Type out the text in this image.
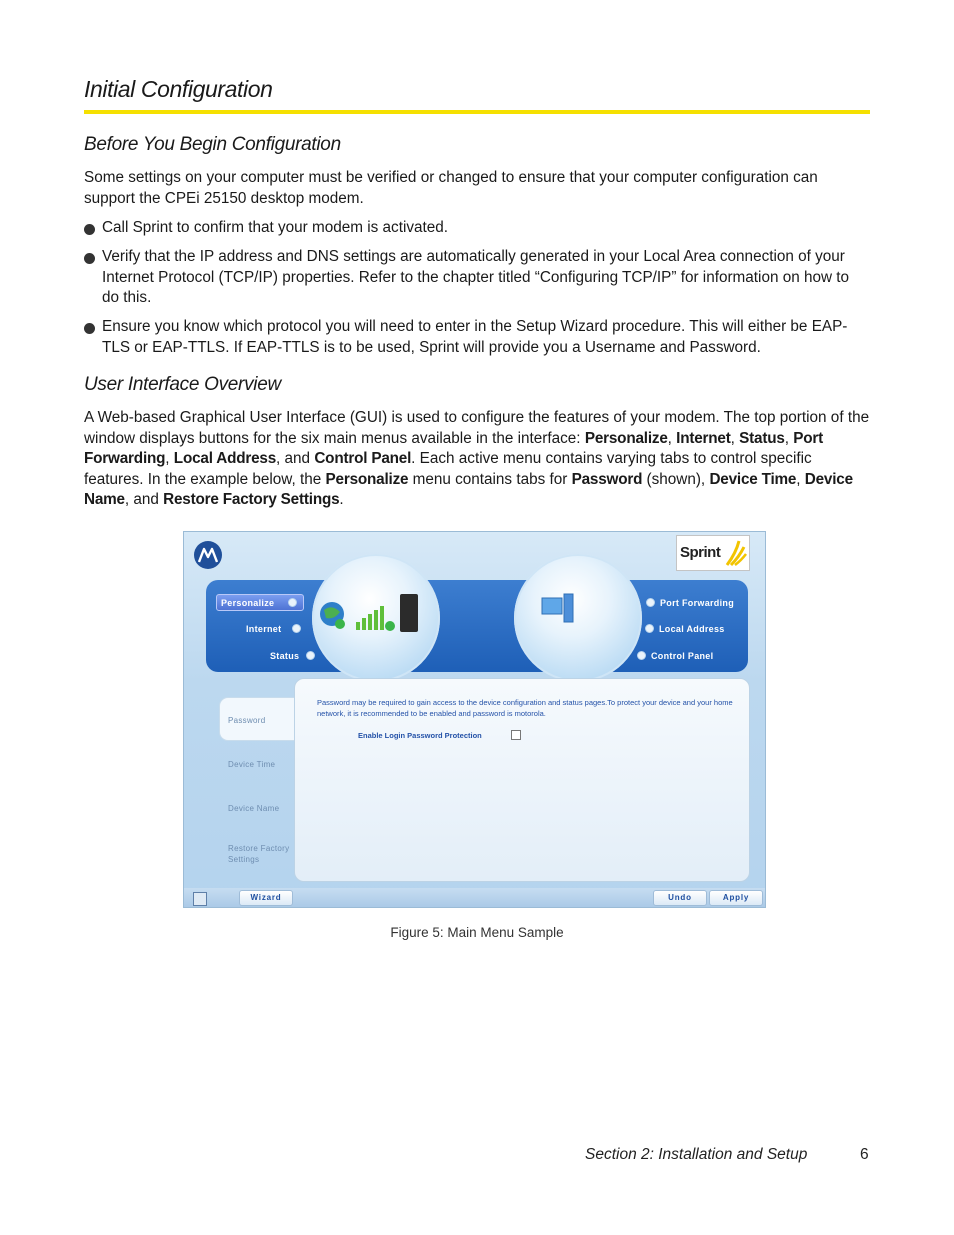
Initial Configuration
Before You Begin Configuration
Some settings on your computer must be verified or changed to ensure that your computer configuration can support the CPEi 25150 desktop modem.
Call Sprint to confirm that your modem is activated.
Verify that the IP address and DNS settings are automatically generated in your Local Area connection of your Internet Protocol (TCP/IP) properties. Refer to the chapter titled “Configuring TCP/IP” for information on how to do this.
Ensure you know which protocol you will need to enter in the Setup Wizard procedure. This will either be EAP-TLS or EAP-TTLS. If EAP-TTLS is to be used, Sprint will provide you a Username and Password.
User Interface Overview
A Web-based Graphical User Interface (GUI) is used to configure the features of your modem. The top portion of the window displays buttons for the six main menus available in the interface: Personalize, Internet, Status, Port Forwarding, Local Address, and Control Panel. Each active menu contains varying tabs to control specific features. In the example below, the Personalize menu contains tabs for Password (shown), Device Time, Device Name, and Restore Factory Settings.
Sprint
Personalize
Internet
Status
Port Forwarding
Local Address
Control Panel
Password
Device Time
Device Name
Restore Factory
Settings
Password may be required to gain access to the device configuration and status pages.To protect your device and your home network, it is recommended to be enabled and password is motorola.
Enable Login Password Protection
Wizard	Undo	Apply
Figure 5: Main Menu Sample
Section 2: Installation and Setup	6
